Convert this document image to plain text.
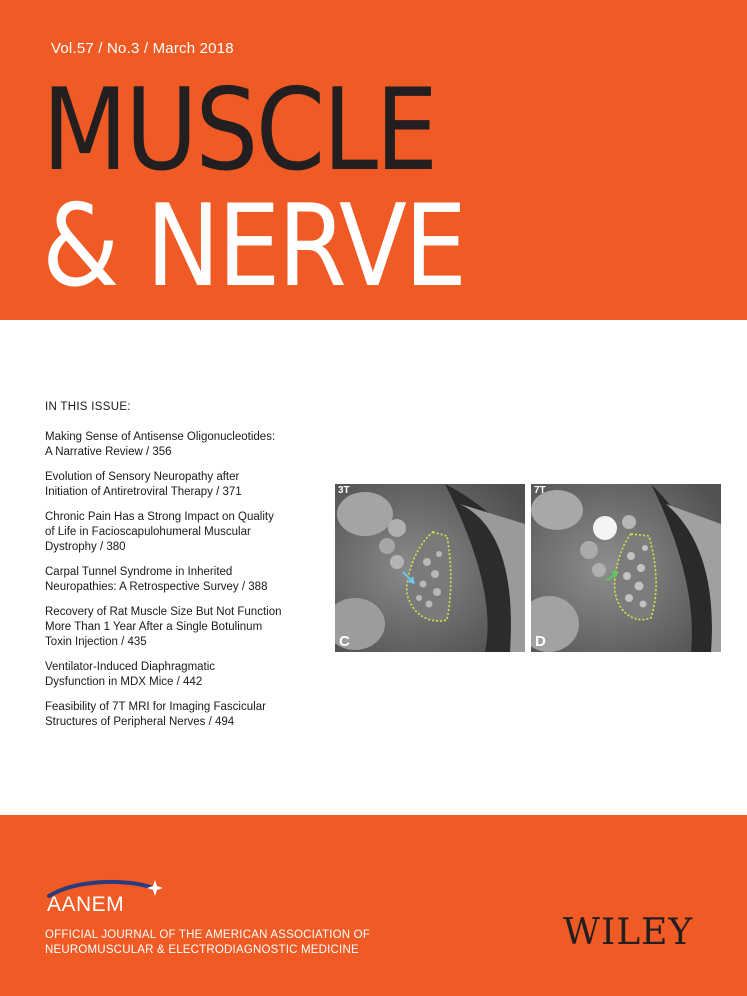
Vol.57 / No.3 / March 2018
MUSCLE
& NERVE
IN THIS ISSUE:
Making Sense of Antisense Oligonucleotides:
A Narrative Review / 356
Evolution of Sensory Neuropathy after
Initiation of Antiretroviral Therapy / 371
Chronic Pain Has a Strong Impact on Quality
of Life in Facioscapulohumeral Muscular
Dystrophy / 380
Carpal Tunnel Syndrome in Inherited
Neuropathies: A Retrospective Survey / 388
Recovery of Rat Muscle Size But Not Function
More Than 1 Year After a Single Botulinum
Toxin Injection / 435
Ventilator-Induced Diaphragmatic
Dysfunction in MDX Mice / 442
Feasibility of 7T MRI for Imaging Fascicular
Structures of Peripheral Nerves / 494
3T
C
7T
D
AANEM
OFFICIAL JOURNAL OF THE AMERICAN ASSOCIATION OF
NEUROMUSCULAR & ELECTRODIAGNOSTIC MEDICINE	WILEY
